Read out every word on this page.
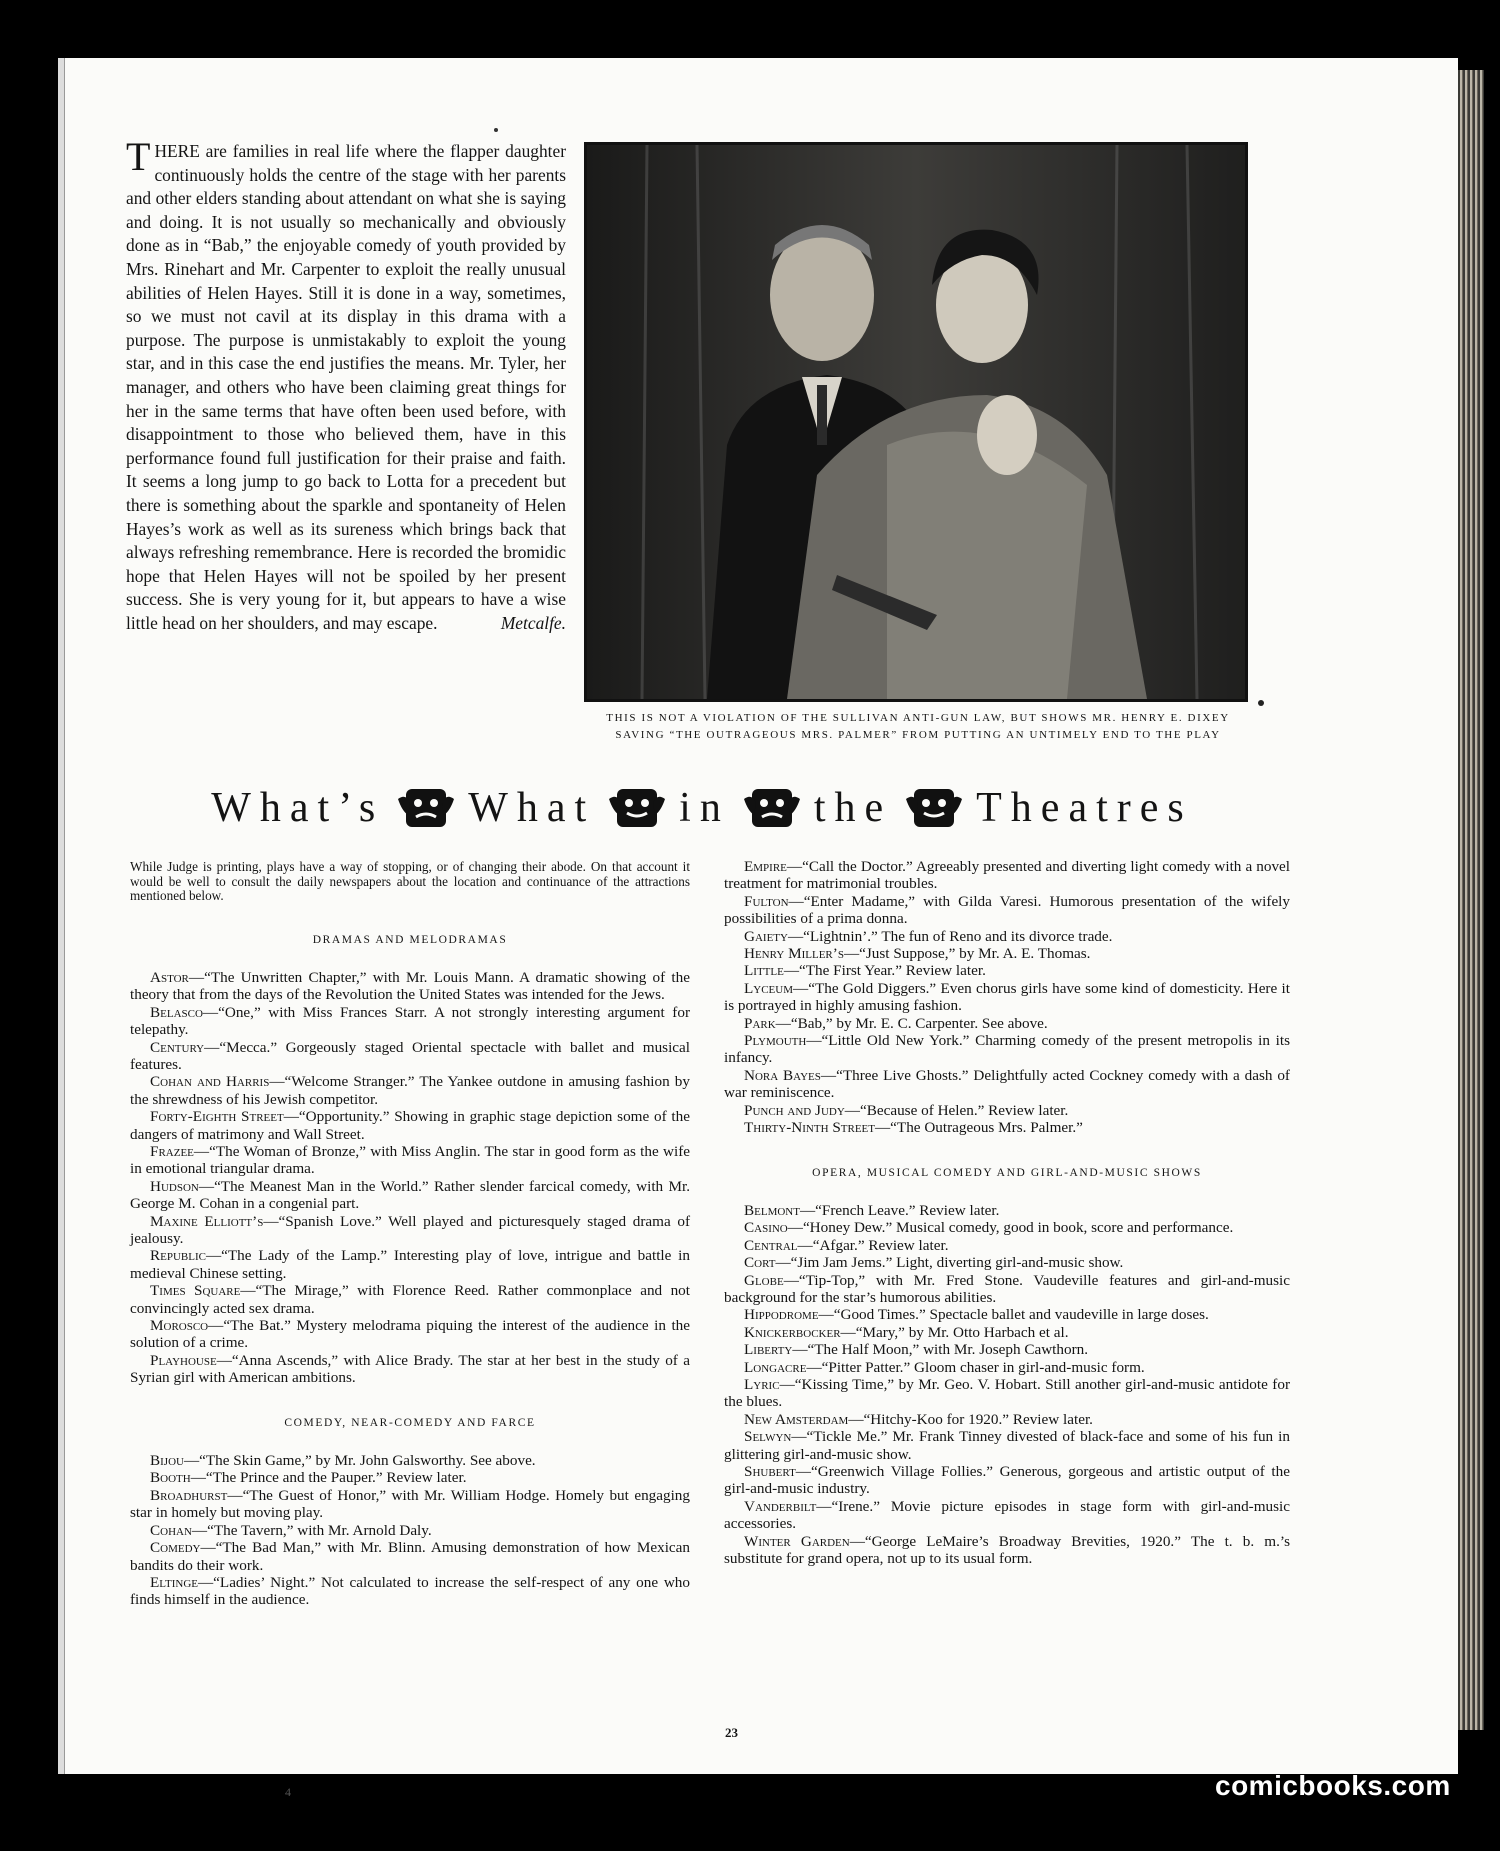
THERE are families in real life where the flapper daughter continuously holds the centre of the stage with her parents and other elders standing about attendant on what she is saying and doing. It is not usually so mechanically and obviously done as in “Bab,” the enjoyable comedy of youth provided by Mrs. Rinehart and Mr. Carpenter to exploit the really unusual abilities of Helen Hayes. Still it is done in a way, sometimes, so we must not cavil at its display in this drama with a purpose. The purpose is unmistakably to exploit the young star, and in this case the end justifies the means. Mr. Tyler, her manager, and others who have been claiming great things for her in the same terms that have often been used before, with disappointment to those who believed them, have in this performance found full justification for their praise and faith. It seems a long jump to go back to Lotta for a precedent but there is something about the sparkle and spontaneity of Helen Hayes’s work as well as its sureness which brings back that always refreshing remembrance. Here is recorded the bromidic hope that Helen Hayes will not be spoiled by her present success. She is very young for it, but appears to have a wise little head on her shoulders, and may escape.	Metcalfe.
THIS IS NOT A VIOLATION OF THE SULLIVAN ANTI-GUN LAW, BUT SHOWS MR. HENRY E. DIXEY SAVING “THE OUTRAGEOUS MRS. PALMER” FROM PUTTING AN UNTIMELY END TO THE PLAY
What’s What in the Theatres

While Judge is printing, plays have a way of stopping, or of changing their abode. On that account it would be well to consult the daily newspapers about the location and continuance of the attractions mentioned below.

DRAMAS AND MELODRAMAS

Astor—“The Unwritten Chapter,” with Mr. Louis Mann. A dramatic showing of the theory that from the days of the Revolution the United States was intended for the Jews.

Belasco—“One,” with Miss Frances Starr. A not strongly interesting argument for telepathy.

Century—“Mecca.” Gorgeously staged Oriental spectacle with ballet and musical features.

Cohan and Harris—“Welcome Stranger.” The Yankee outdone in amusing fashion by the shrewdness of his Jewish competitor.

Forty-Eighth Street—“Opportunity.” Showing in graphic stage depiction some of the dangers of matrimony and Wall Street.

Frazee—“The Woman of Bronze,” with Miss Anglin. The star in good form as the wife in emotional triangular drama.

Hudson—“The Meanest Man in the World.” Rather slender farcical comedy, with Mr. George M. Cohan in a congenial part.

Maxine Elliott’s—“Spanish Love.” Well played and picturesquely staged drama of jealousy.

Republic—“The Lady of the Lamp.” Interesting play of love, intrigue and battle in medieval Chinese setting.

Times Square—“The Mirage,” with Florence Reed. Rather commonplace and not convincingly acted sex drama.

Morosco—“The Bat.” Mystery melodrama piquing the interest of the audience in the solution of a crime.

Playhouse—“Anna Ascends,” with Alice Brady. The star at her best in the study of a Syrian girl with American ambitions.

COMEDY, NEAR-COMEDY AND FARCE

Bijou—“The Skin Game,” by Mr. John Galsworthy. See above.

Booth—“The Prince and the Pauper.” Review later.

Broadhurst—“The Guest of Honor,” with Mr. William Hodge. Homely but engaging star in homely but moving play.

Cohan—“The Tavern,” with Mr. Arnold Daly.

Comedy—“The Bad Man,” with Mr. Blinn. Amusing demonstration of how Mexican bandits do their work.

Eltinge—“Ladies’ Night.” Not calculated to increase the self-respect of any one who finds himself in the audience.

Empire—“Call the Doctor.” Agreeably presented and diverting light comedy with a novel treatment for matrimonial troubles.

Fulton—“Enter Madame,” with Gilda Varesi. Humorous presentation of the wifely possibilities of a prima donna.

Gaiety—“Lightnin’.” The fun of Reno and its divorce trade.

Henry Miller’s—“Just Suppose,” by Mr. A. E. Thomas.

Little—“The First Year.” Review later.

Lyceum—“The Gold Diggers.” Even chorus girls have some kind of domesticity. Here it is portrayed in highly amusing fashion.

Park—“Bab,” by Mr. E. C. Carpenter. See above.

Plymouth—“Little Old New York.” Charming comedy of the present metropolis in its infancy.

Nora Bayes—“Three Live Ghosts.” Delightfully acted Cockney comedy with a dash of war reminiscence.

Punch and Judy—“Because of Helen.” Review later.

Thirty-Ninth Street—“The Outrageous Mrs. Palmer.”

OPERA, MUSICAL COMEDY AND GIRL-AND-MUSIC SHOWS

Belmont—“French Leave.” Review later.

Casino—“Honey Dew.” Musical comedy, good in book, score and performance.

Central—“Afgar.” Review later.

Cort—“Jim Jam Jems.” Light, diverting girl-and-music show.

Globe—“Tip-Top,” with Mr. Fred Stone. Vaudeville features and girl-and-music background for the star’s humorous abilities.

Hippodrome—“Good Times.” Spectacle ballet and vaudeville in large doses.

Knickerbocker—“Mary,” by Mr. Otto Harbach et al.

Liberty—“The Half Moon,” with Mr. Joseph Cawthorn.

Longacre—“Pitter Patter.” Gloom chaser in girl-and-music form.

Lyric—“Kissing Time,” by Mr. Geo. V. Hobart. Still another girl-and-music antidote for the blues.

New Amsterdam—“Hitchy-Koo for 1920.” Review later.

Selwyn—“Tickle Me.” Mr. Frank Tinney divested of black-face and some of his fun in glittering girl-and-music show.

Shubert—“Greenwich Village Follies.” Generous, gorgeous and artistic output of the girl-and-music industry.

Vanderbilt—“Irene.” Movie picture episodes in stage form with girl-and-music accessories.

Winter Garden—“George LeMaire’s Broadway Brevities, 1920.” The t. b. m.’s substitute for grand opera, not up to its usual form.

23
4	comicbooks.com
